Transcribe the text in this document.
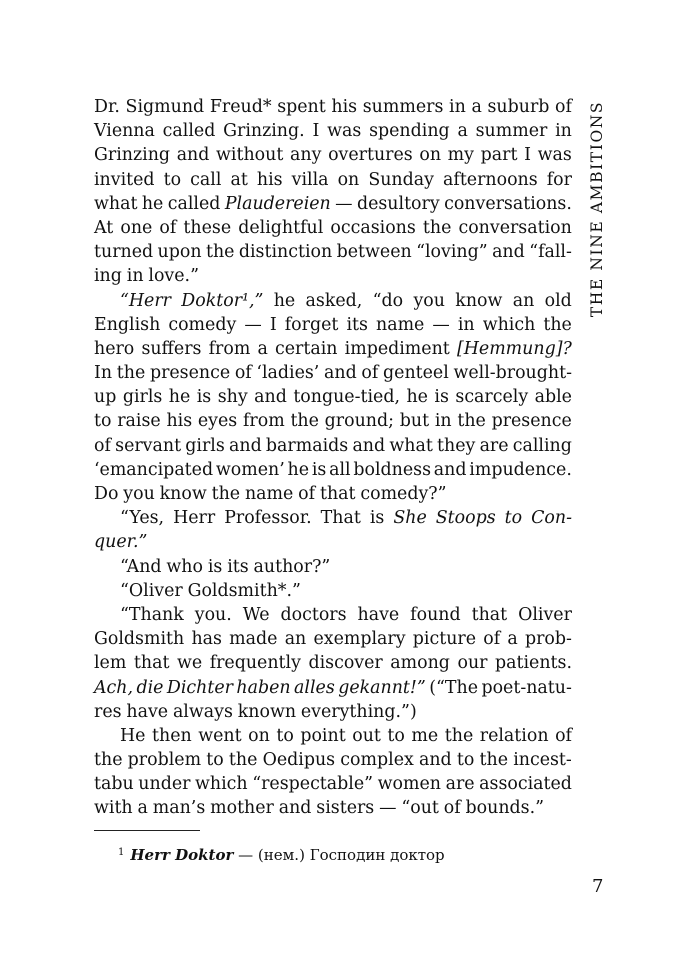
THE NINE AMBITIONS
Dr. Sigmund Freud* spent his summers in a suburb of
Vienna called Grinzing. I was spending a summer in
Grinzing and without any overtures on my part I was
invited to call at his villa on Sunday afternoons for
what he called Plaudereien — desultory conversations.
At one of these delightful occasions the conversation
turned upon the distinction between “loving” and “fall-
ing in love.”
“Herr Doktor¹,” he asked, “do you know an old
English comedy — I forget its name — in which the
hero suffers from a certain impediment [Hemmung]?
In the presence of ‘ladies’ and of genteel well-brought-
up girls he is shy and tongue-tied, he is scarcely able
to raise his eyes from the ground; but in the presence
of servant girls and barmaids and what they are calling
‘emancipated women’ he is all boldness and impudence.
Do you know the name of that comedy?”
“Yes, Herr Professor. That is She Stoops to Con-
quer.”
“And who is its author?”
“Oliver Goldsmith*.”
“Thank you. We doctors have found that Oliver
Goldsmith has made an exemplary picture of a prob-
lem that we frequently discover among our patients.
Ach, die Dichter haben alles gekannt!” (“The poet-natu-
res have always known everything.”)
He then went on to point out to me the relation of
the problem to the Oedipus complex and to the incest-
tabu under which “respectable” women are associated
with a man’s mother and sisters — “out of bounds.”
$^1$ Herr Doktor — (нем.) Господин доктор
7
